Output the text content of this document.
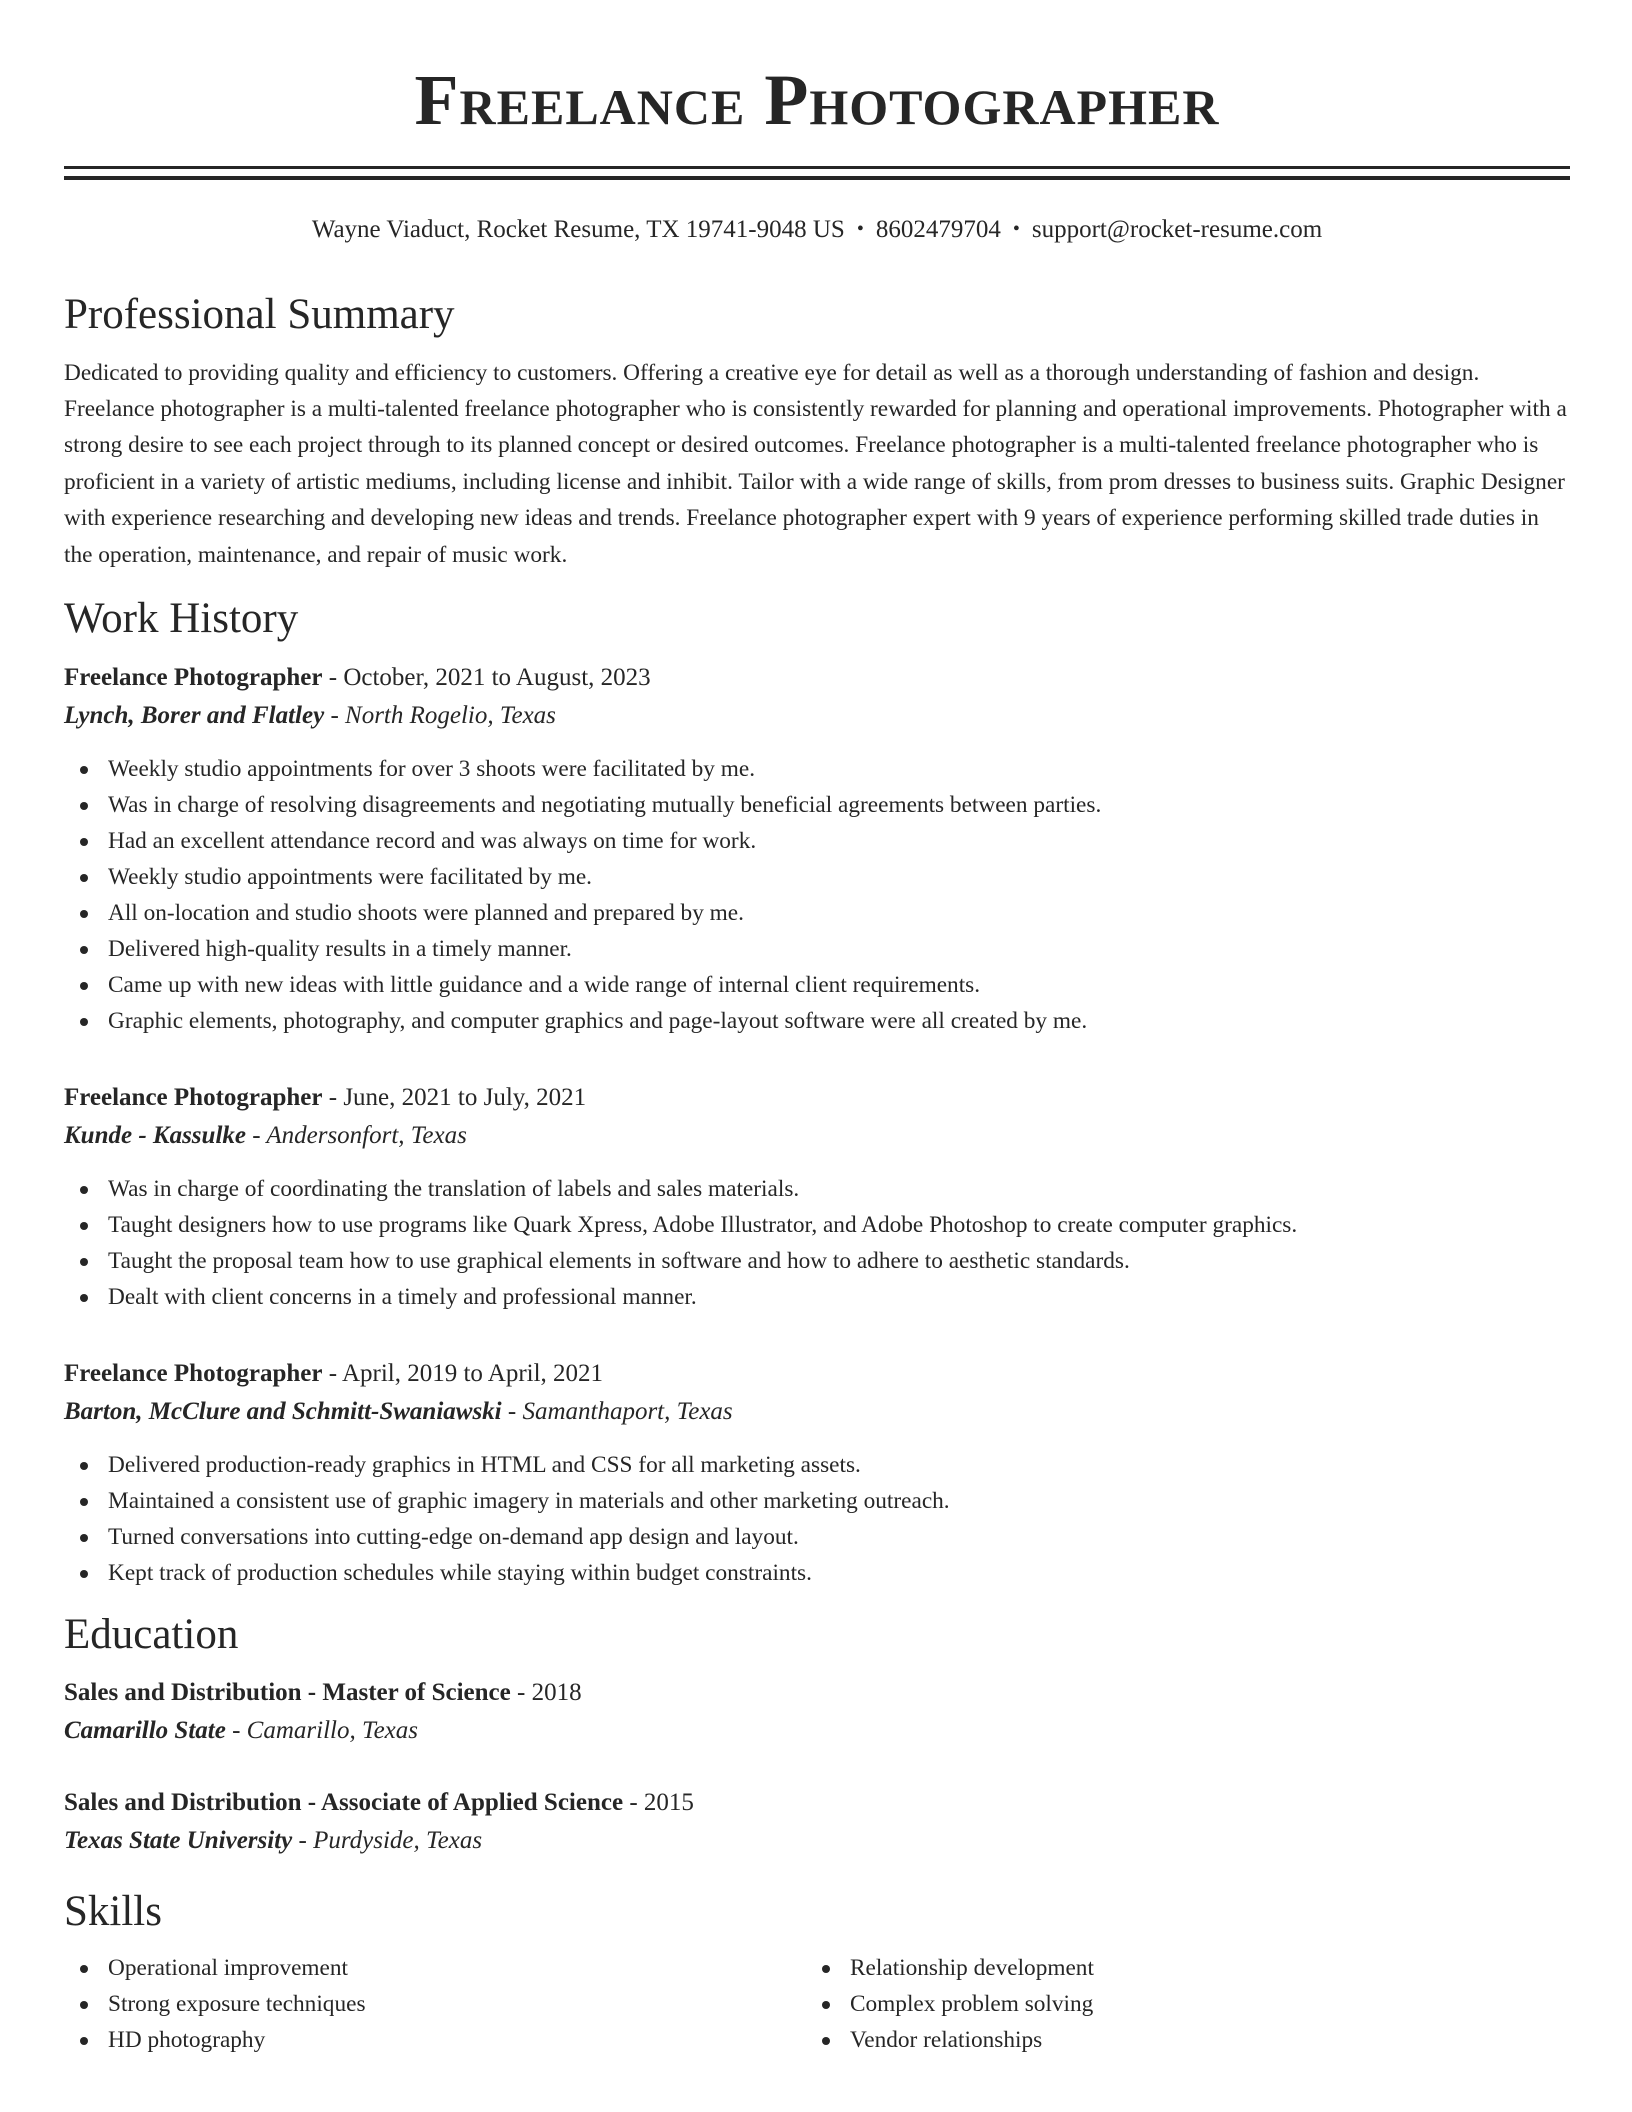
Freelance Photographer
Wayne Viaduct, Rocket Resume, TX 19741-9048 US • 8602479704 • support@rocket-resume.com
Professional Summary

Dedicated to providing quality and efficiency to customers. Offering a creative eye for detail as well as a thorough understanding of fashion and design. Freelance photographer is a multi-talented freelance photographer who is consistently rewarded for planning and operational improvements. Photographer with a strong desire to see each project through to its planned concept or desired outcomes. Freelance photographer is a multi-talented freelance photographer who is proficient in a variety of artistic mediums, including license and inhibit. Tailor with a wide range of skills, from prom dresses to business suits. Graphic Designer with experience researching and developing new ideas and trends. Freelance photographer expert with 9 years of experience performing skilled trade duties in the operation, maintenance, and repair of music work.

Work History
Freelance Photographer - October, 2021 to August, 2023
Lynch, Borer and Flatley - North Rogelio, Texas
Weekly studio appointments for over 3 shoots were facilitated by me.
Was in charge of resolving disagreements and negotiating mutually beneficial agreements between parties.
Had an excellent attendance record and was always on time for work.
Weekly studio appointments were facilitated by me.
All on-location and studio shoots were planned and prepared by me.
Delivered high-quality results in a timely manner.
Came up with new ideas with little guidance and a wide range of internal client requirements.
Graphic elements, photography, and computer graphics and page-layout software were all created by me.
Freelance Photographer - June, 2021 to July, 2021
Kunde - Kassulke - Andersonfort, Texas
Was in charge of coordinating the translation of labels and sales materials.
Taught designers how to use programs like Quark Xpress, Adobe Illustrator, and Adobe Photoshop to create computer graphics.
Taught the proposal team how to use graphical elements in software and how to adhere to aesthetic standards.
Dealt with client concerns in a timely and professional manner.
Freelance Photographer - April, 2019 to April, 2021
Barton, McClure and Schmitt-Swaniawski - Samanthaport, Texas
Delivered production-ready graphics in HTML and CSS for all marketing assets.
Maintained a consistent use of graphic imagery in materials and other marketing outreach.
Turned conversations into cutting-edge on-demand app design and layout.
Kept track of production schedules while staying within budget constraints.
Education
Sales and Distribution - Master of Science - 2018
Camarillo State - Camarillo, Texas
Sales and Distribution - Associate of Applied Science - 2015
Texas State University - Purdyside, Texas
Skills
Operational improvement
Strong exposure techniques
HD photography
Relationship development
Complex problem solving
Vendor relationships
